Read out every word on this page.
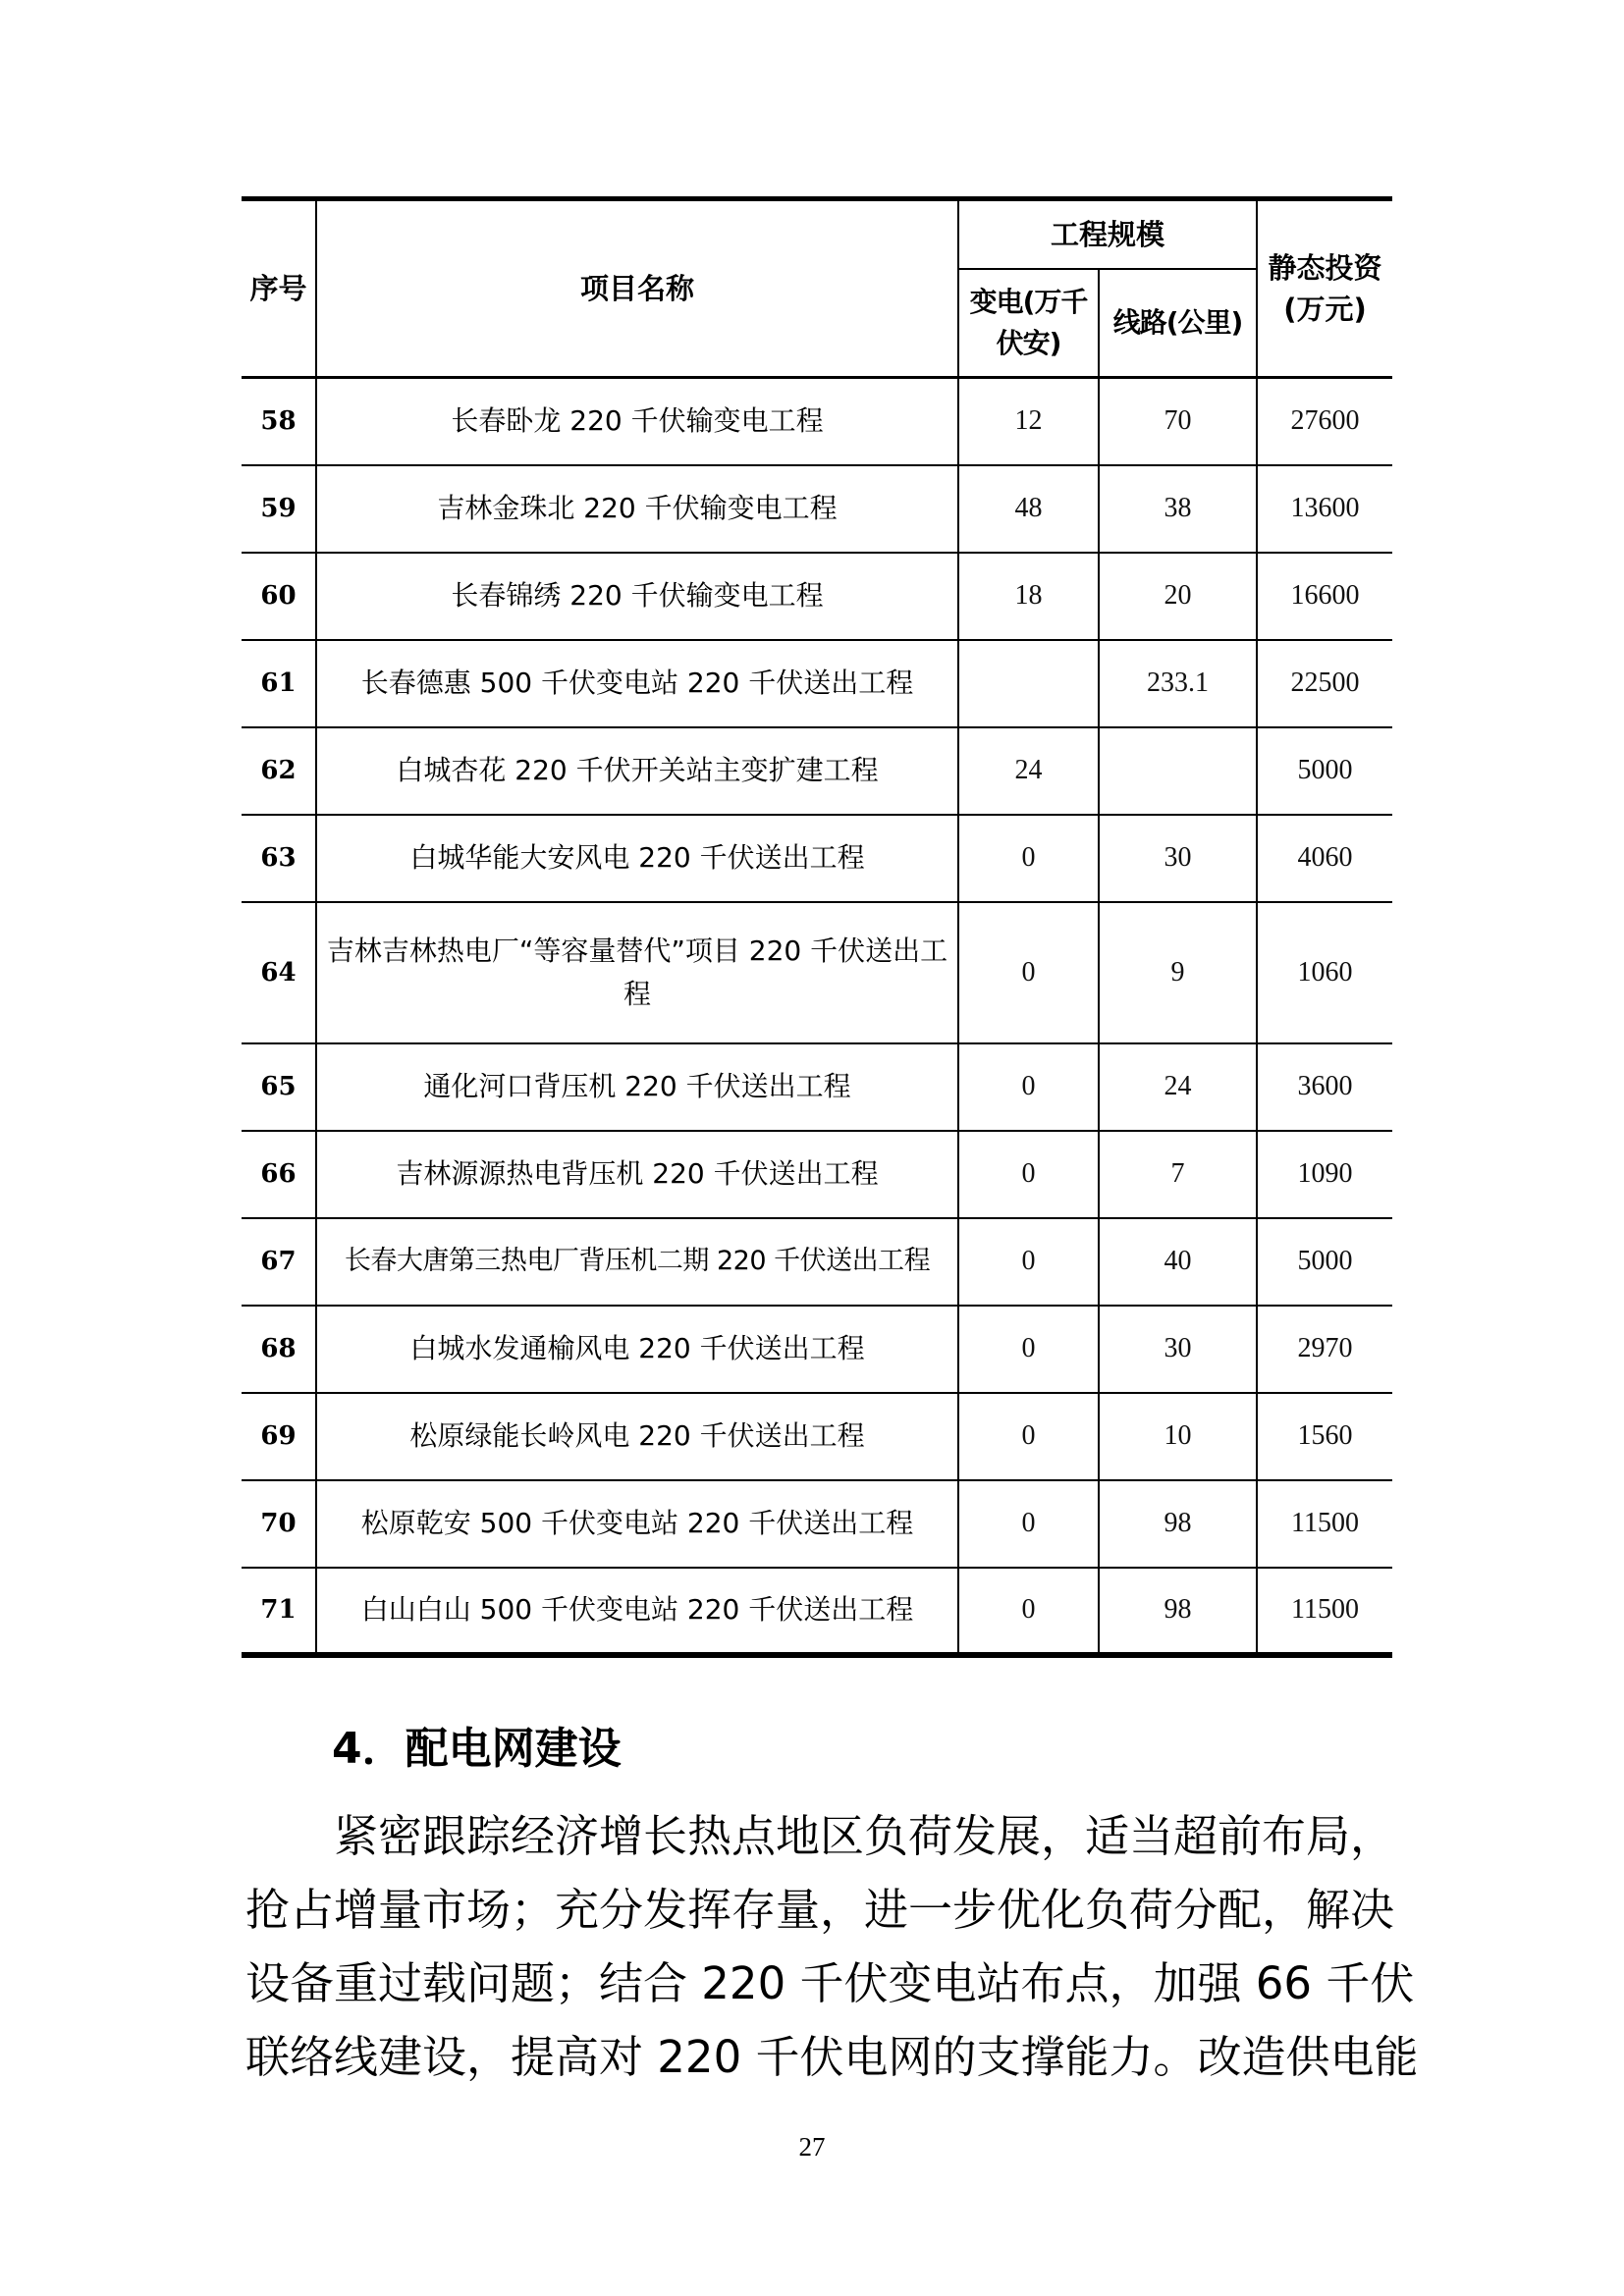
序号	项目名称	工程规模		静态投资(万元)
		变电(万千伏安)	线路(公里)	
58	长春卧龙 220 千伏输变电工程	12	70	27600
59	吉林金珠北 220 千伏输变电工程	48	38	13600
60	长春锦绣 220 千伏输变电工程	18	20	16600
61	长春德惠 500 千伏变电站 220 千伏送出工程		233.1	22500
62	白城杏花 220 千伏开关站主变扩建工程	24		5000
63	白城华能大安风电 220 千伏送出工程	0	30	4060
64	吉林吉林热电厂“等容量替代”项目 220 千伏送出工程	0	9	1060
65	通化河口背压机 220 千伏送出工程	0	24	3600
66	吉林源源热电背压机 220 千伏送出工程	0	7	1090
67	长春大唐第三热电厂背压机二期 220 千伏送出工程	0	40	5000
68	白城水发通榆风电 220 千伏送出工程	0	30	2970
69	松原绿能长岭风电 220 千伏送出工程	0	10	1560
70	松原乾安 500 千伏变电站 220 千伏送出工程	0	98	11500
71	白山白山 500 千伏变电站 220 千伏送出工程	0	98	11500
4．配电网建设

紧密跟踪经济增长热点地区负荷发展，适当超前布局，
抢占增量市场；充分发挥存量，进一步优化负荷分配，解决
设备重过载问题；结合 220 千伏变电站布点，加强 66 千伏
联络线建设，提高对 220 千伏电网的支撑能力。改造供电能

27
